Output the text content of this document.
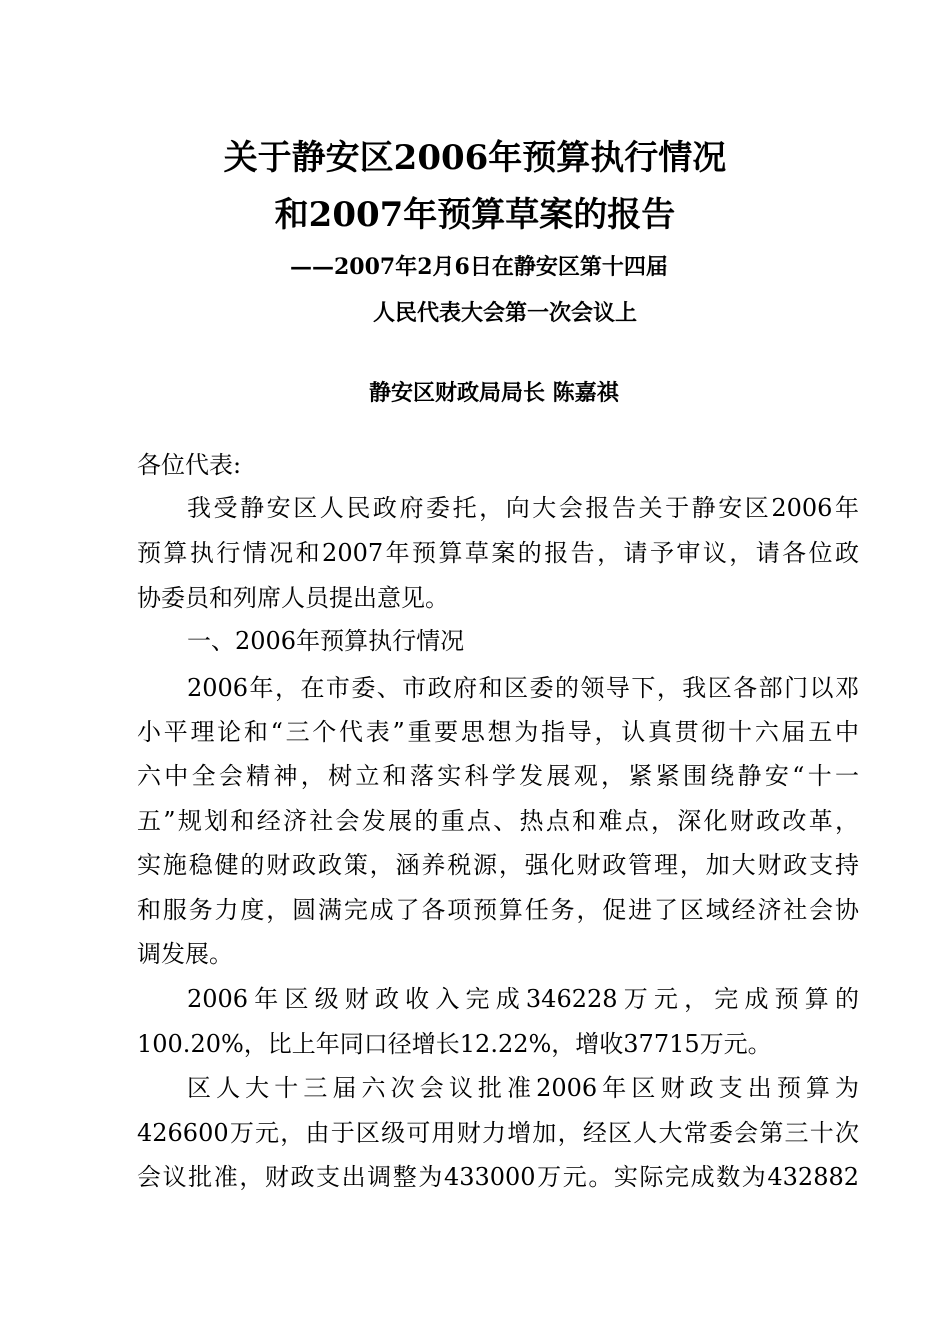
关于静安区2006年预算执行情况
和2007年预算草案的报告
——2007年2月6日在静安区第十四届
人民代表大会第一次会议上
静安区财政局局长 陈嘉祺
各位代表:
我受静安区人民政府委托，向大会报告关于静安区2006年
预算执行情况和2007年预算草案的报告，请予审议，请各位政
协委员和列席人员提出意见。
一、2006年预算执行情况
2006年，在市委、市政府和区委的领导下，我区各部门以邓
小平理论和“三个代表”重要思想为指导，认真贯彻十六届五中
六中全会精神，树立和落实科学发展观，紧紧围绕静安“十一
五”规划和经济社会发展的重点、热点和难点，深化财政改革，
实施稳健的财政政策，涵养税源，强化财政管理，加大财政支持
和服务力度，圆满完成了各项预算任务，促进了区域经济社会协
调发展。
2006年区级财政收入完成346228万元，完成预算的
100.20%，比上年同口径增长12.22%，增收37715万元。
区人大十三届六次会议批准2006年区财政支出预算为
426600万元，由于区级可用财力增加，经区人大常委会第三十次
会议批准，财政支出调整为433000万元。实际完成数为432882
